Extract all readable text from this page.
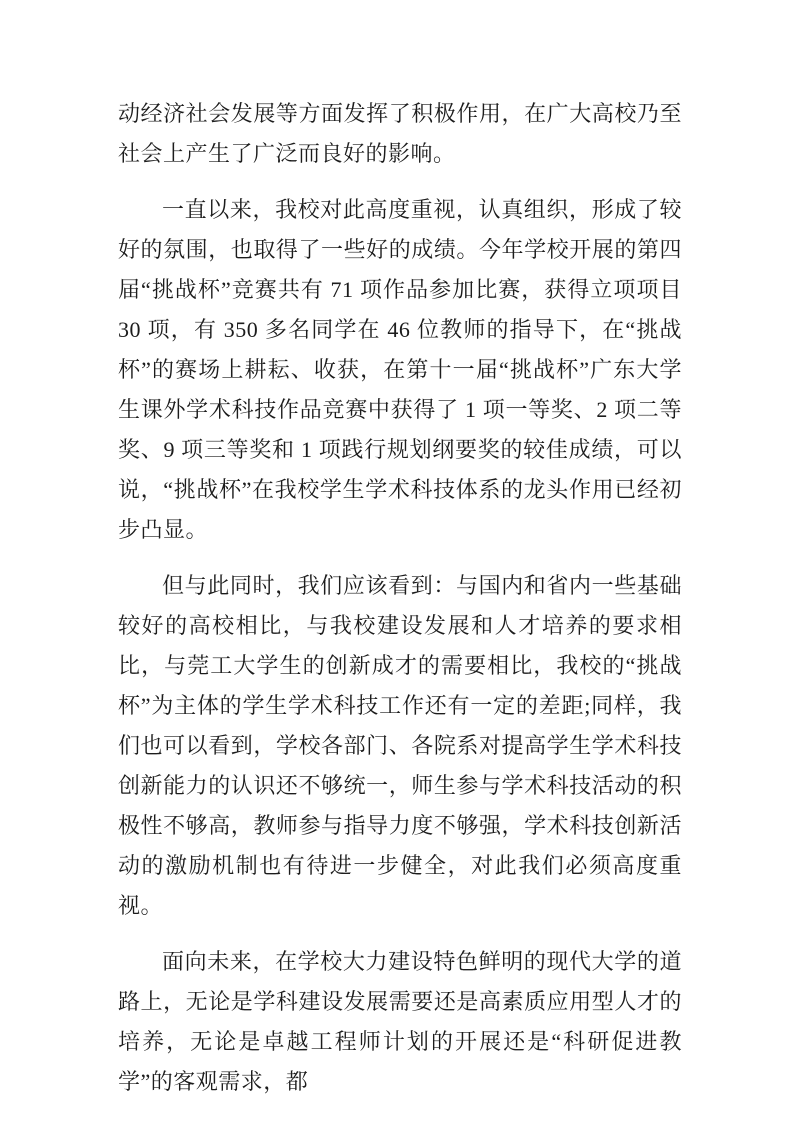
动经济社会发展等方面发挥了积极作用，在广大高校乃至社会上产生了广泛而良好的影响。

一直以来，我校对此高度重视，认真组织，形成了较好的氛围，也取得了一些好的成绩。今年学校开展的第四届“挑战杯”竞赛共有 71 项作品参加比赛，获得立项项目 30 项，有 350 多名同学在 46 位教师的指导下，在“挑战杯”的赛场上耕耘、收获，在第十一届“挑战杯”广东大学生课外学术科技作品竞赛中获得了 1 项一等奖、2 项二等奖、9 项三等奖和 1 项践行规划纲要奖的较佳成绩，可以说，“挑战杯”在我校学生学术科技体系的龙头作用已经初步凸显。

但与此同时，我们应该看到：与国内和省内一些基础较好的高校相比，与我校建设发展和人才培养的要求相比，与莞工大学生的创新成才的需要相比，我校的“挑战杯”为主体的学生学术科技工作还有一定的差距;同样，我们也可以看到，学校各部门、各院系对提高学生学术科技创新能力的认识还不够统一，师生参与学术科技活动的积极性不够高，教师参与指导力度不够强，学术科技创新活动的激励机制也有待进一步健全，对此我们必须高度重视。

面向未来，在学校大力建设特色鲜明的现代大学的道路上，无论是学科建设发展需要还是高素质应用型人才的培养，无论是卓越工程师计划的开展还是“科研促进教学”的客观需求，都
